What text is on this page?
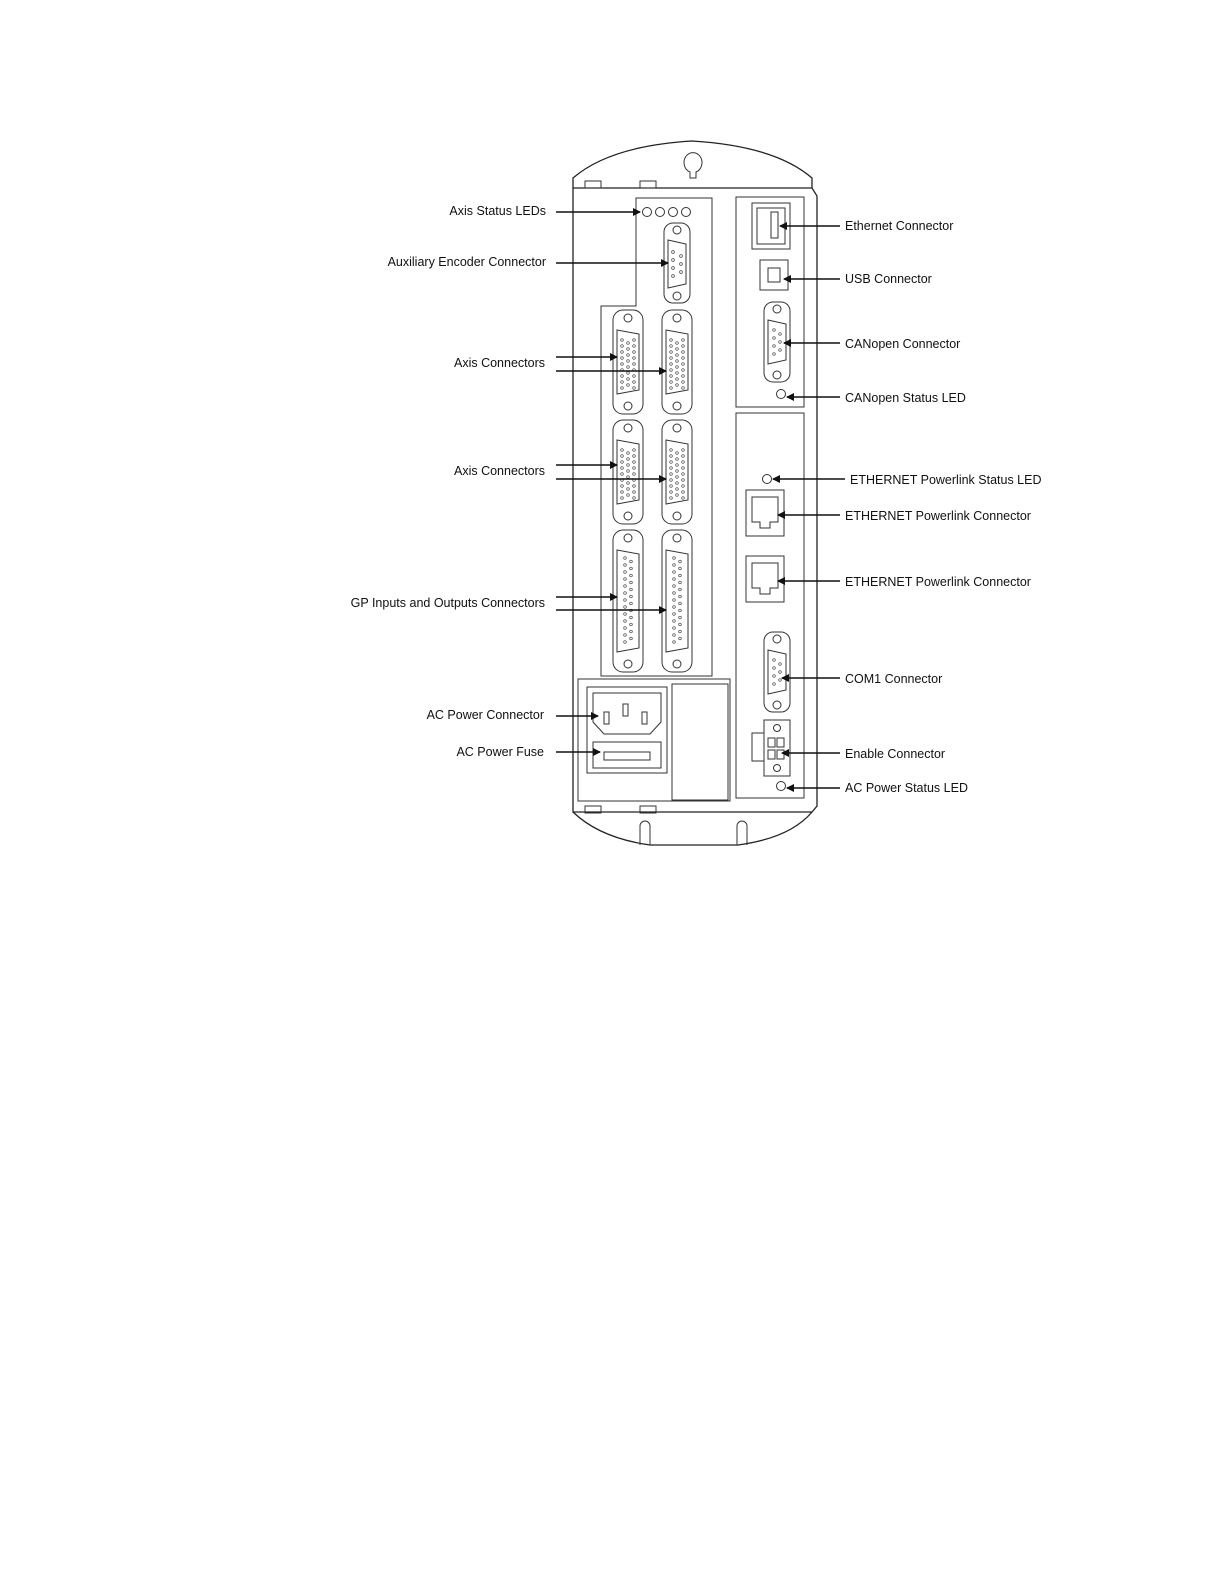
Axis Status LEDs
Auxiliary Encoder Connector
Axis Connectors
Axis Connectors
GP Inputs and Outputs Connectors
AC Power Connector
AC Power Fuse
Ethernet Connector
USB Connector
CANopen Connector
CANopen Status LED
ETHERNET Powerlink Status LED
ETHERNET Powerlink Connector
ETHERNET Powerlink Connector
COM1 Connector
Enable Connector
AC Power Status LED
